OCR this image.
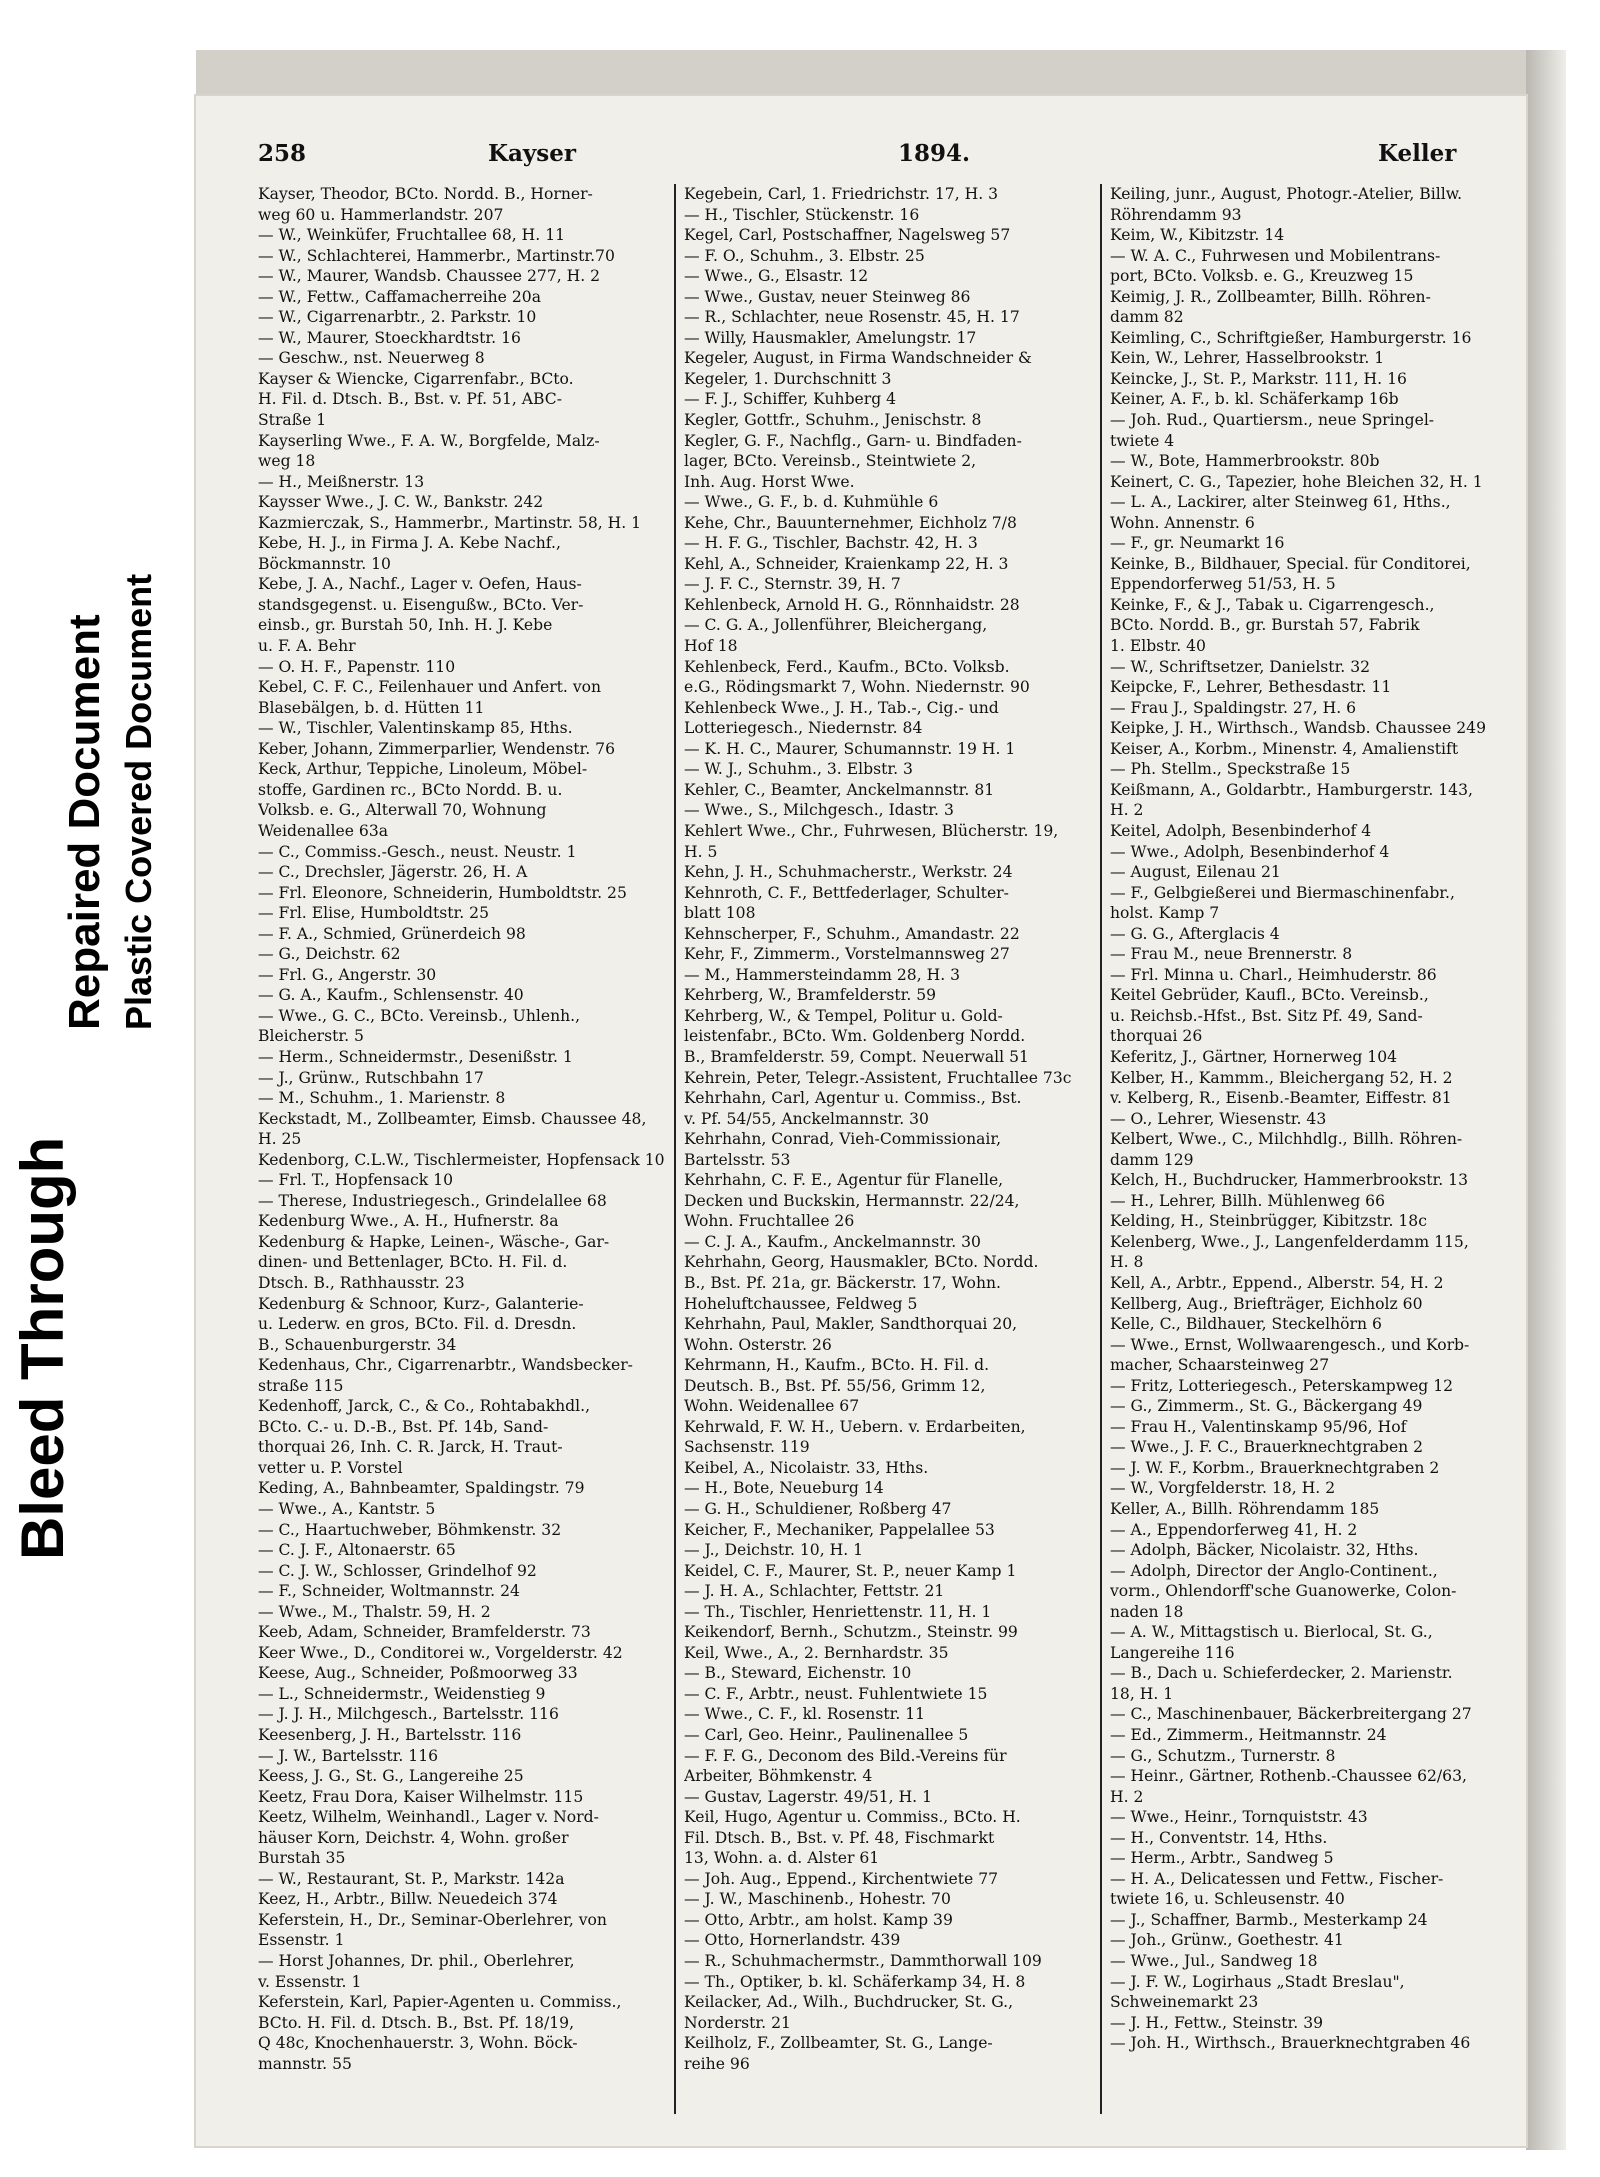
Bleed Through
Repaired Document Plastic Covered Document
258	Kayser	1894.	Keller
Kayser, Theodor, BCto. Nordd. B., Horner-
weg 60 u. Hammerlandstr. 207
— W., Weinküfer, Fruchtallee 68, H. 11
— W., Schlachterei, Hammerbr., Martinstr.70
— W., Maurer, Wandsb. Chaussee 277, H. 2
— W., Fettw., Caffamacherreihe 20a
— W., Cigarrenarbtr., 2. Parkstr. 10
— W., Maurer, Stoeckhardtstr. 16
— Geschw., nst. Neuerweg 8
Kayser & Wiencke, Cigarrenfabr., BCto.
H. Fil. d. Dtsch. B., Bst. v. Pf. 51, ABC-
Straße 1
Kayserling Wwe., F. A. W., Borgfelde, Malz-
weg 18
— H., Meißnerstr. 13
Kaysser Wwe., J. C. W., Bankstr. 242
Kazmierczak, S., Hammerbr., Martinstr. 58, H. 1
Kebe, H. J., in Firma J. A. Kebe Nachf.,
Böckmannstr. 10
Kebe, J. A., Nachf., Lager v. Oefen, Haus-
standsgegenst. u. Eisengußw., BCto. Ver-
einsb., gr. Burstah 50, Inh. H. J. Kebe
u. F. A. Behr
— O. H. F., Papenstr. 110
Kebel, C. F. C., Feilenhauer und Anfert. von
Blasebälgen, b. d. Hütten 11
— W., Tischler, Valentinskamp 85, Hths.
Keber, Johann, Zimmerparlier, Wendenstr. 76
Keck, Arthur, Teppiche, Linoleum, Möbel-
stoffe, Gardinen rc., BCto Nordd. B. u.
Volksb. e. G., Alterwall 70, Wohnung
Weidenallee 63a
— C., Commiss.-Gesch., neust. Neustr. 1
— C., Drechsler, Jägerstr. 26, H. A
— Frl. Eleonore, Schneiderin, Humboldtstr. 25
— Frl. Elise, Humboldtstr. 25
— F. A., Schmied, Grünerdeich 98
— G., Deichstr. 62
— Frl. G., Angerstr. 30
— G. A., Kaufm., Schlensenstr. 40
— Wwe., G. C., BCto. Vereinsb., Uhlenh.,
Bleicherstr. 5
— Herm., Schneidermstr., Desenißstr. 1
— J., Grünw., Rutschbahn 17
— M., Schuhm., 1. Marienstr. 8
Keckstadt, M., Zollbeamter, Eimsb. Chaussee 48,
H. 25
Kedenborg, C.L.W., Tischlermeister, Hopfensack 10
— Frl. T., Hopfensack 10
— Therese, Industriegesch., Grindelallee 68
Kedenburg Wwe., A. H., Hufnerstr. 8a
Kedenburg & Hapke, Leinen-, Wäsche-, Gar-
dinen- und Bettenlager, BCto. H. Fil. d.
Dtsch. B., Rathhausstr. 23
Kedenburg & Schnoor, Kurz-, Galanterie-
u. Lederw. en gros, BCto. Fil. d. Dresdn.
B., Schauenburgerstr. 34
Kedenhaus, Chr., Cigarrenarbtr., Wandsbecker-
straße 115
Kedenhoff, Jarck, C., & Co., Rohtabakhdl.,
BCto. C.- u. D.-B., Bst. Pf. 14b, Sand-
thorquai 26, Inh. C. R. Jarck, H. Traut-
vetter u. P. Vorstel
Keding, A., Bahnbeamter, Spaldingstr. 79
— Wwe., A., Kantstr. 5
— C., Haartuchweber, Böhmkenstr. 32
— C. J. F., Altonaerstr. 65
— C. J. W., Schlosser, Grindelhof 92
— F., Schneider, Woltmannstr. 24
— Wwe., M., Thalstr. 59, H. 2
Keeb, Adam, Schneider, Bramfelderstr. 73
Keer Wwe., D., Conditorei w., Vorgelderstr. 42
Keese, Aug., Schneider, Poßmoorweg 33
— L., Schneidermstr., Weidenstieg 9
— J. J. H., Milchgesch., Bartelsstr. 116
Keesenberg, J. H., Bartelsstr. 116
— J. W., Bartelsstr. 116
Keess, J. G., St. G., Langereihe 25
Keetz, Frau Dora, Kaiser Wilhelmstr. 115
Keetz, Wilhelm, Weinhandl., Lager v. Nord-
häuser Korn, Deichstr. 4, Wohn. großer
Burstah 35
— W., Restaurant, St. P., Markstr. 142a
Keez, H., Arbtr., Billw. Neuedeich 374
Keferstein, H., Dr., Seminar-Oberlehrer, von
Essenstr. 1
— Horst Johannes, Dr. phil., Oberlehrer,
v. Essenstr. 1
Keferstein, Karl, Papier-Agenten u. Commiss.,
BCto. H. Fil. d. Dtsch. B., Bst. Pf. 18/19,
Q 48c, Knochenhauerstr. 3, Wohn. Böck-
mannstr. 55
Kegebein, Carl, 1. Friedrichstr. 17, H. 3
— H., Tischler, Stückenstr. 16
Kegel, Carl, Postschaffner, Nagelsweg 57
— F. O., Schuhm., 3. Elbstr. 25
— Wwe., G., Elsastr. 12
— Wwe., Gustav, neuer Steinweg 86
— R., Schlachter, neue Rosenstr. 45, H. 17
— Willy, Hausmakler, Amelungstr. 17
Kegeler, August, in Firma Wandschneider &
Kegeler, 1. Durchschnitt 3
— F. J., Schiffer, Kuhberg 4
Kegler, Gottfr., Schuhm., Jenischstr. 8
Kegler, G. F., Nachflg., Garn- u. Bindfaden-
lager, BCto. Vereinsb., Steintwiete 2,
Inh. Aug. Horst Wwe.
— Wwe., G. F., b. d. Kuhmühle 6
Kehe, Chr., Bauunternehmer, Eichholz 7/8
— H. F. G., Tischler, Bachstr. 42, H. 3
Kehl, A., Schneider, Kraienkamp 22, H. 3
— J. F. C., Sternstr. 39, H. 7
Kehlenbeck, Arnold H. G., Rönnhaidstr. 28
— C. G. A., Jollenführer, Bleichergang,
Hof 18
Kehlenbeck, Ferd., Kaufm., BCto. Volksb.
e.G., Rödingsmarkt 7, Wohn. Niedernstr. 90
Kehlenbeck Wwe., J. H., Tab.-, Cig.- und
Lotteriegesch., Niedernstr. 84
— K. H. C., Maurer, Schumannstr. 19 H. 1
— W. J., Schuhm., 3. Elbstr. 3
Kehler, C., Beamter, Anckelmannstr. 81
— Wwe., S., Milchgesch., Idastr. 3
Kehlert Wwe., Chr., Fuhrwesen, Blücherstr. 19,
H. 5
Kehn, J. H., Schuhmacherstr., Werkstr. 24
Kehnroth, C. F., Bettfederlager, Schulter-
blatt 108
Kehnscherper, F., Schuhm., Amandastr. 22
Kehr, F., Zimmerm., Vorstelmannsweg 27
— M., Hammersteindamm 28, H. 3
Kehrberg, W., Bramfelderstr. 59
Kehrberg, W., & Tempel, Politur u. Gold-
leistenfabr., BCto. Wm. Goldenberg Nordd.
B., Bramfelderstr. 59, Compt. Neuerwall 51
Kehrein, Peter, Telegr.-Assistent, Fruchtallee 73c
Kehrhahn, Carl, Agentur u. Commiss., Bst.
v. Pf. 54/55, Anckelmannstr. 30
Kehrhahn, Conrad, Vieh-Commissionair,
Bartelsstr. 53
Kehrhahn, C. F. E., Agentur für Flanelle,
Decken und Buckskin, Hermannstr. 22/24,
Wohn. Fruchtallee 26
— C. J. A., Kaufm., Anckelmannstr. 30
Kehrhahn, Georg, Hausmakler, BCto. Nordd.
B., Bst. Pf. 21a, gr. Bäckerstr. 17, Wohn.
Hoheluftchaussee, Feldweg 5
Kehrhahn, Paul, Makler, Sandthorquai 20,
Wohn. Osterstr. 26
Kehrmann, H., Kaufm., BCto. H. Fil. d.
Deutsch. B., Bst. Pf. 55/56, Grimm 12,
Wohn. Weidenallee 67
Kehrwald, F. W. H., Uebern. v. Erdarbeiten,
Sachsenstr. 119
Keibel, A., Nicolaistr. 33, Hths.
— H., Bote, Neueburg 14
— G. H., Schuldiener, Roßberg 47
Keicher, F., Mechaniker, Pappelallee 53
— J., Deichstr. 10, H. 1
Keidel, C. F., Maurer, St. P., neuer Kamp 1
— J. H. A., Schlachter, Fettstr. 21
— Th., Tischler, Henriettenstr. 11, H. 1
Keikendorf, Bernh., Schutzm., Steinstr. 99
Keil, Wwe., A., 2. Bernhardstr. 35
— B., Steward, Eichenstr. 10
— C. F., Arbtr., neust. Fuhlentwiete 15
— Wwe., C. F., kl. Rosenstr. 11
— Carl, Geo. Heinr., Paulinenallee 5
— F. F. G., Deconom des Bild.-Vereins für
Arbeiter, Böhmkenstr. 4
— Gustav, Lagerstr. 49/51, H. 1
Keil, Hugo, Agentur u. Commiss., BCto. H.
Fil. Dtsch. B., Bst. v. Pf. 48, Fischmarkt
13, Wohn. a. d. Alster 61
— Joh. Aug., Eppend., Kirchentwiete 77
— J. W., Maschinenb., Hohestr. 70
— Otto, Arbtr., am holst. Kamp 39
— Otto, Hornerlandstr. 439
— R., Schuhmachermstr., Dammthorwall 109
— Th., Optiker, b. kl. Schäferkamp 34, H. 8
Keilacker, Ad., Wilh., Buchdrucker, St. G.,
Norderstr. 21
Keilholz, F., Zollbeamter, St. G., Lange-
reihe 96
Keiling, junr., August, Photogr.-Atelier, Billw.
Röhrendamm 93
Keim, W., Kibitzstr. 14
— W. A. C., Fuhrwesen und Mobilentrans-
port, BCto. Volksb. e. G., Kreuzweg 15
Keimig, J. R., Zollbeamter, Billh. Röhren-
damm 82
Keimling, C., Schriftgießer, Hamburgerstr. 16
Kein, W., Lehrer, Hasselbrookstr. 1
Keincke, J., St. P., Markstr. 111, H. 16
Keiner, A. F., b. kl. Schäferkamp 16b
— Joh. Rud., Quartiersm., neue Springel-
twiete 4
— W., Bote, Hammerbrookstr. 80b
Keinert, C. G., Tapezier, hohe Bleichen 32, H. 1
— L. A., Lackirer, alter Steinweg 61, Hths.,
Wohn. Annenstr. 6
— F., gr. Neumarkt 16
Keinke, B., Bildhauer, Special. für Conditorei,
Eppendorferweg 51/53, H. 5
Keinke, F., & J., Tabak u. Cigarrengesch.,
BCto. Nordd. B., gr. Burstah 57, Fabrik
1. Elbstr. 40
— W., Schriftsetzer, Danielstr. 32
Keipcke, F., Lehrer, Bethesdastr. 11
— Frau J., Spaldingstr. 27, H. 6
Keipke, J. H., Wirthsch., Wandsb. Chaussee 249
Keiser, A., Korbm., Minenstr. 4, Amalienstift
— Ph. Stellm., Speckstraße 15
Keißmann, A., Goldarbtr., Hamburgerstr. 143,
H. 2
Keitel, Adolph, Besenbinderhof 4
— Wwe., Adolph, Besenbinderhof 4
— August, Eilenau 21
— F., Gelbgießerei und Biermaschinenfabr.,
holst. Kamp 7
— G. G., Afterglacis 4
— Frau M., neue Brennerstr. 8
— Frl. Minna u. Charl., Heimhuderstr. 86
Keitel Gebrüder, Kaufl., BCto. Vereinsb.,
u. Reichsb.-Hfst., Bst. Sitz Pf. 49, Sand-
thorquai 26
Keferitz, J., Gärtner, Hornerweg 104
Kelber, H., Kammm., Bleichergang 52, H. 2
v. Kelberg, R., Eisenb.-Beamter, Eiffestr. 81
— O., Lehrer, Wiesenstr. 43
Kelbert, Wwe., C., Milchhdlg., Billh. Röhren-
damm 129
Kelch, H., Buchdrucker, Hammerbrookstr. 13
— H., Lehrer, Billh. Mühlenweg 66
Kelding, H., Steinbrügger, Kibitzstr. 18c
Kelenberg, Wwe., J., Langenfelderdamm 115,
H. 8
Kell, A., Arbtr., Eppend., Alberstr. 54, H. 2
Kellberg, Aug., Briefträger, Eichholz 60
Kelle, C., Bildhauer, Steckelhörn 6
— Wwe., Ernst, Wollwaarengesch., und Korb-
macher, Schaarsteinweg 27
— Fritz, Lotteriegesch., Peterskampweg 12
— G., Zimmerm., St. G., Bäckergang 49
— Frau H., Valentinskamp 95/96, Hof
— Wwe., J. F. C., Brauerknechtgraben 2
— J. W. F., Korbm., Brauerknechtgraben 2
— W., Vorgfelderstr. 18, H. 2
Keller, A., Billh. Röhrendamm 185
— A., Eppendorferweg 41, H. 2
— Adolph, Bäcker, Nicolaistr. 32, Hths.
— Adolph, Director der Anglo-Continent.,
vorm., Ohlendorff'sche Guanowerke, Colon-
naden 18
— A. W., Mittagstisch u. Bierlocal, St. G.,
Langereihe 116
— B., Dach u. Schieferdecker, 2. Marienstr.
18, H. 1
— C., Maschinenbauer, Bäckerbreitergang 27
— Ed., Zimmerm., Heitmannstr. 24
— G., Schutzm., Turnerstr. 8
— Heinr., Gärtner, Rothenb.-Chaussee 62/63,
H. 2
— Wwe., Heinr., Tornquiststr. 43
— H., Conventstr. 14, Hths.
— Herm., Arbtr., Sandweg 5
— H. A., Delicatessen und Fettw., Fischer-
twiete 16, u. Schleusenstr. 40
— J., Schaffner, Barmb., Mesterkamp 24
— Joh., Grünw., Goethestr. 41
— Wwe., Jul., Sandweg 18
— J. F. W., Logirhaus „Stadt Breslau",
Schweinemarkt 23
— J. H., Fettw., Steinstr. 39
— Joh. H., Wirthsch., Brauerknechtgraben 46
